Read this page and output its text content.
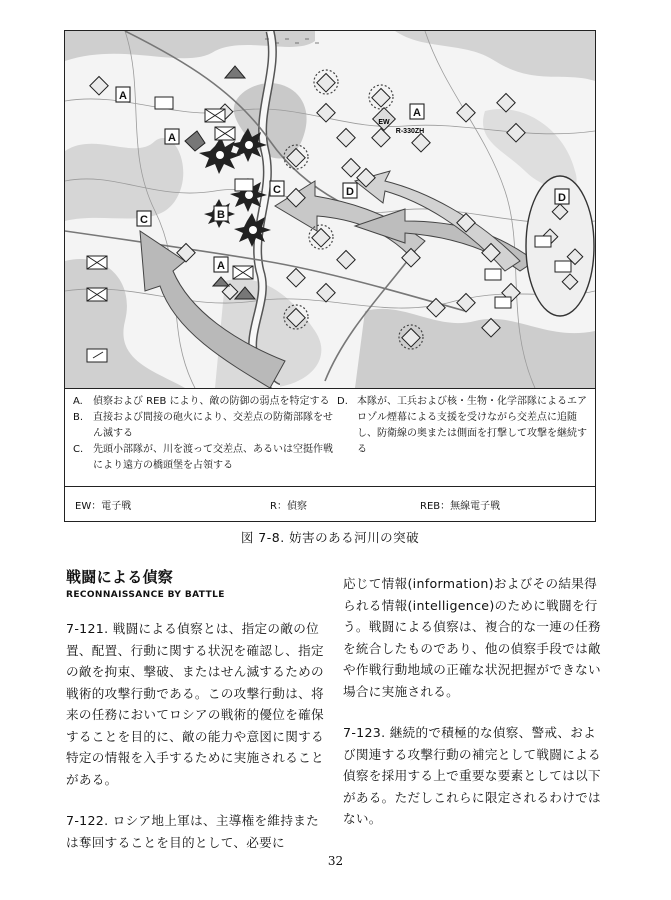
A
A
A
A
B
C
C
D	D
EW
R-330ZH
A.	偵察および REB により、敵の防御の弱点を特定する
B. 直接および間接の砲火により、交差点の防衛部隊をせん滅する
C. 先頭小部隊が、川を渡って交差点、あるいは空挺作戦により遠方の橋頭堡を占領する
D. 本隊が、工兵および核・生物・化学部隊によるエアロゾル煙幕による支援を受けながら交差点に追随し、防衛線の奥または側面を打撃して攻撃を継続する
EW：電子戦	R：偵察	REB：無線電子戦
図 7-8. 妨害のある河川の突破

戦闘による偵察

RECONNAISSANCE BY BATTLE

7-121. 戦闘による偵察とは、指定の敵の位置、配置、行動に関する状況を確認し、指定の敵を拘束、撃破、またはせん滅するための戦術的攻撃行動である。この攻撃行動は、将来の任務においてロシアの戦術的優位を確保することを目的に、敵の能力や意図に関する特定の情報を入手するために実施されることがある。

7-122. ロシア地上軍は、主導権を維持または奪回することを目的として、必要に

応じて情報(information)およびその結果得られる情報(intelligence)のために戦闘を行う。戦闘による偵察は、複合的な一連の任務を統合したものであり、他の偵察手段では敵や作戦行動地域の正確な状況把握ができない場合に実施される。

7-123. 継続的で積極的な偵察、警戒、および関連する攻撃行動の補完として戦闘による偵察を採用する上で重要な要素としては以下がある。ただしこれらに限定されるわけではない。

32
